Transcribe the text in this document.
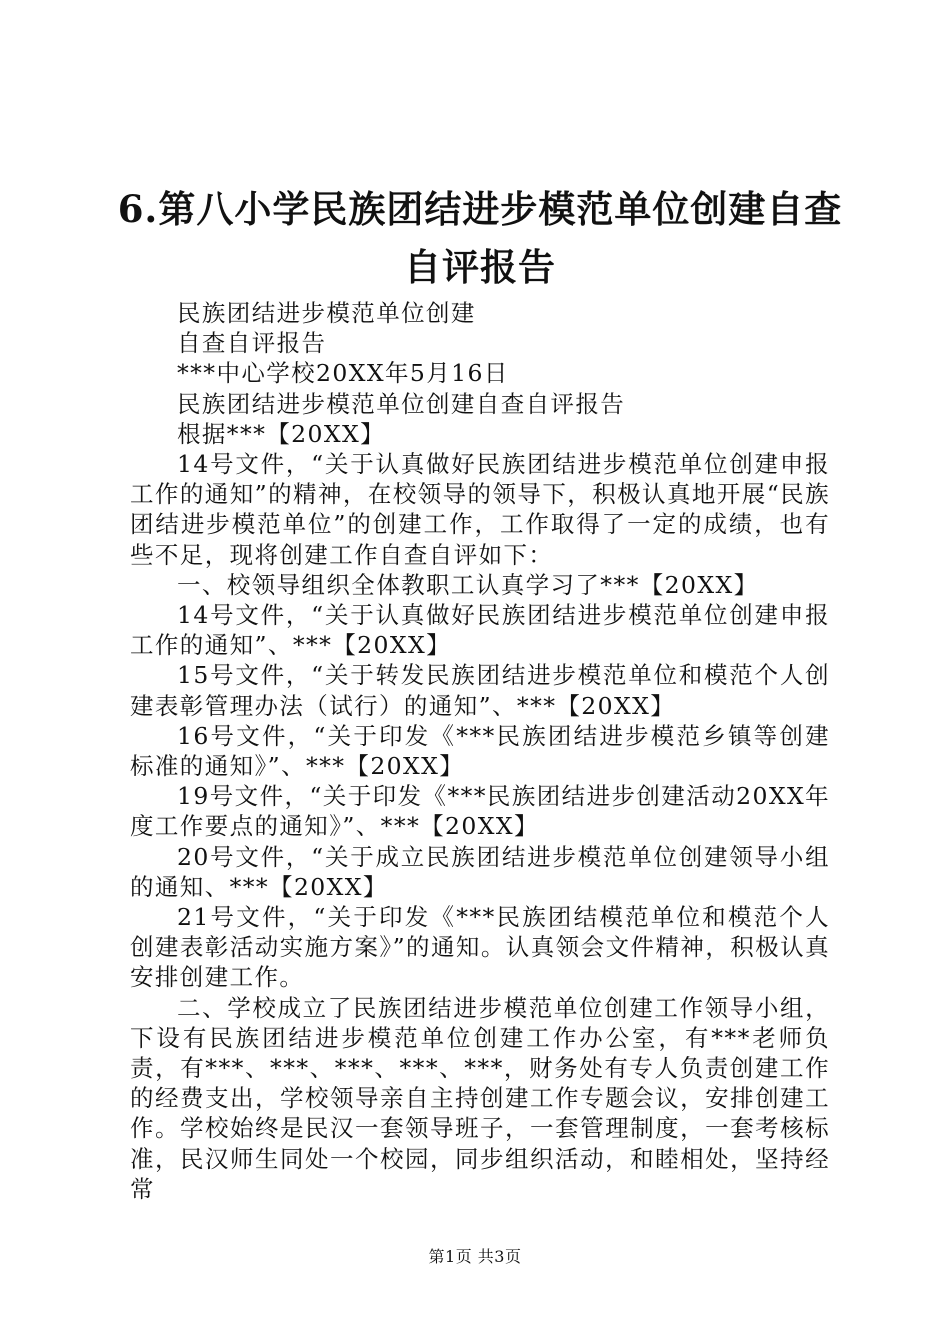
6.第八小学民族团结进步模范单位创建自查自评报告

民族团结进步模范单位创建

自查自评报告

***中心学校20XX年5月16日

民族团结进步模范单位创建自查自评报告

根据***【20XX】

14号文件，“关于认真做好民族团结进步模范单位创建申报工作的通知”的精神，在校领导的领导下，积极认真地开展“民族团结进步模范单位”的创建工作，工作取得了一定的成绩，也有些不足，现将创建工作自查自评如下：

一、校领导组织全体教职工认真学习了***【20XX】

14号文件，“关于认真做好民族团结进步模范单位创建申报工作的通知”、***【20XX】

15号文件，“关于转发民族团结进步模范单位和模范个人创建表彰管理办法（试行）的通知”、***【20XX】

16号文件，“关于印发《***民族团结进步模范乡镇等创建标准的通知》”、***【20XX】

19号文件，“关于印发《***民族团结进步创建活动20XX年度工作要点的通知》”、***【20XX】

20号文件，“关于成立民族团结进步模范单位创建领导小组的通知、***【20XX】

21号文件，“关于印发《***民族团结模范单位和模范个人创建表彰活动实施方案》”的通知。认真领会文件精神，积极认真安排创建工作。

二、学校成立了民族团结进步模范单位创建工作领导小组，下设有民族团结进步模范单位创建工作办公室，有***老师负责，有***、***、***、***、***，财务处有专人负责创建工作的经费支出，学校领导亲自主持创建工作专题会议，安排创建工作。学校始终是民汉一套领导班子，一套管理制度，一套考核标准，民汉师生同处一个校园，同步组织活动，和睦相处，坚持经常

第1页 共3页
